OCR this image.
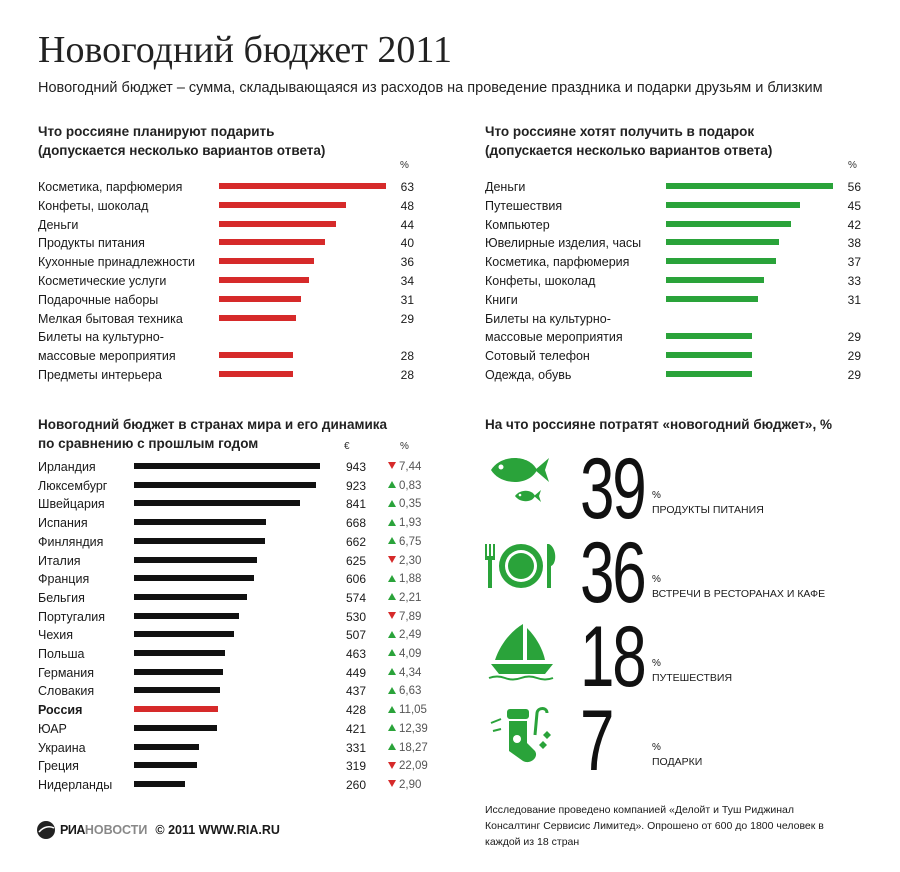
Новогодний бюджет 2011
Новогодний бюджет – сумма, складывающаяся из расходов на проведение праздника и подарки друзьям и близким
Что россияне планируют подарить
(допускается несколько вариантов ответа)
%
Косметика, парфюмерия	63
Конфеты, шоколад	48
Деньги	44
Продукты питания	40
Кухонные принадлежности	36
Косметические услуги	34
Подарочные наборы	31
Мелкая бытовая техника	29
Билеты на культурно-
массовые мероприятия	28
Предметы интерьера	28
Что россияне хотят получить в подарок
(допускается несколько вариантов ответа)
%
Деньги	56
Путешествия	45
Компьютер	42
Ювелирные изделия, часы	38
Косметика, парфюмерия	37
Конфеты, шоколад	33
Книги	31
Билеты на культурно-
массовые мероприятия	29
Сотовый телефон	29
Одежда, обувь	29
Новогодний бюджет в странах мира и его динамика
по сравнению с прошлым годом	€	%
Ирландия	943	7,44
Люксембург	923	0,83
Швейцария	841	0,35
Испания	668	1,93
Финляндия	662	6,75
Италия	625	2,30
Франция	606	1,88
Бельгия	574	2,21
Португалия	530	7,89
Чехия	507	2,49
Польша	463	4,09
Германия	449	4,34
Словакия	437	6,63
Россия	428	11,05
ЮАР	421	12,39
Украина	331	18,27
Греция	319	22,09
Нидерланды	260	2,90
На что россияне потратят «новогодний бюджет», %
39 %
ПРОДУКТЫ ПИТАНИЯ
36 %
ВСТРЕЧИ В РЕСТОРАНАХ И КАФЕ
18 %
ПУТЕШЕСТВИЯ
7	%
ПОДАРКИ
Исследование проведено компанией «Делойт и Туш Риджинал Консалтинг Сервисис Лимитед». Опрошено от 600 до 1800 человек в каждой из 18 стран
РИА НОВОСТИ © 2011 WWW.RIA.RU
